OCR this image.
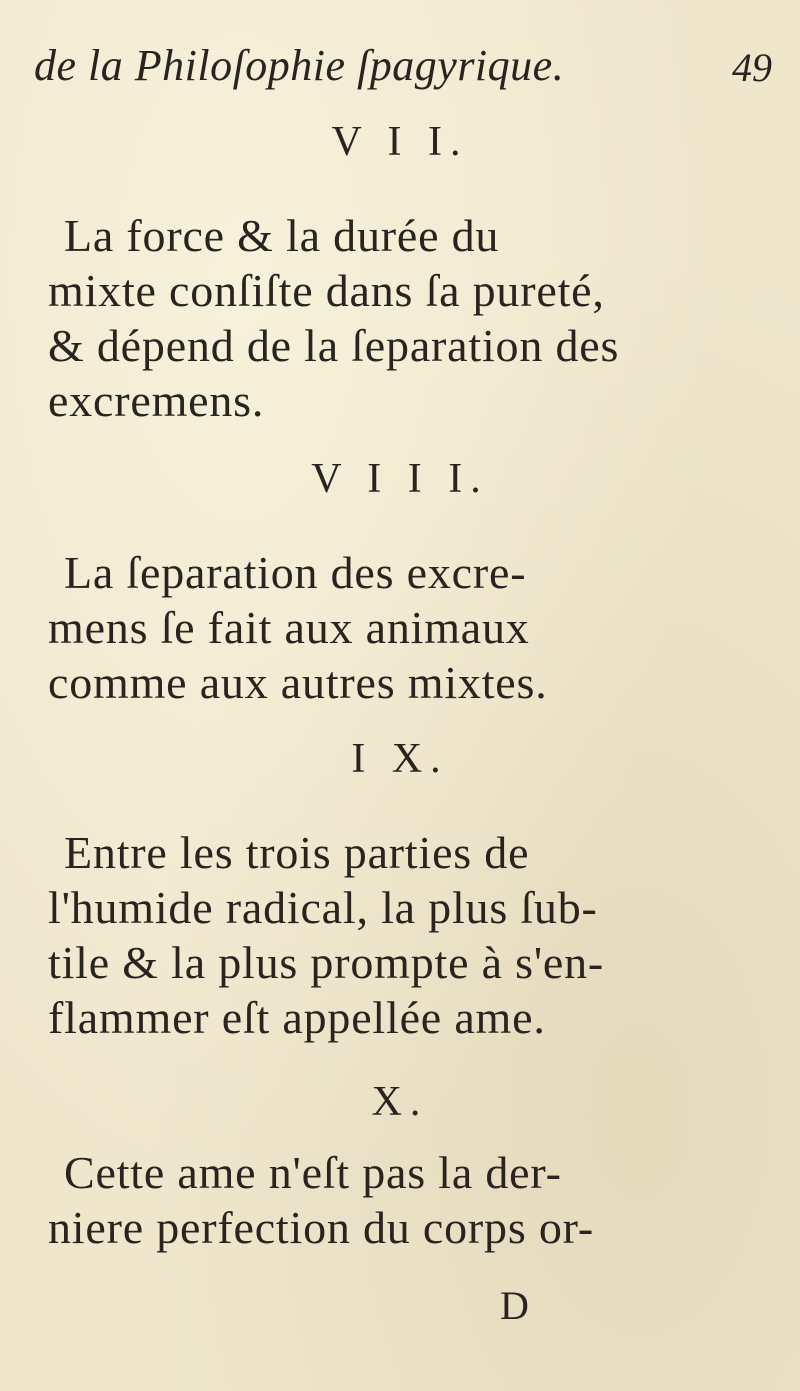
de la Philoſophie ſpagyrique.	49
V I I.
La force & la durée du
mixte conſiſte dans ſa pureté,
& dépend de la ſeparation des
excremens.
V I I I.
La ſeparation des excre-
mens ſe fait aux animaux
comme aux autres mixtes.
I X.
Entre les trois parties de
l'humide radical, la plus ſub-
tile & la plus prompte à s'en-
flammer eſt appellée ame.
X.
Cette ame n'eſt pas la der-
niere perfection du corps or-
D
